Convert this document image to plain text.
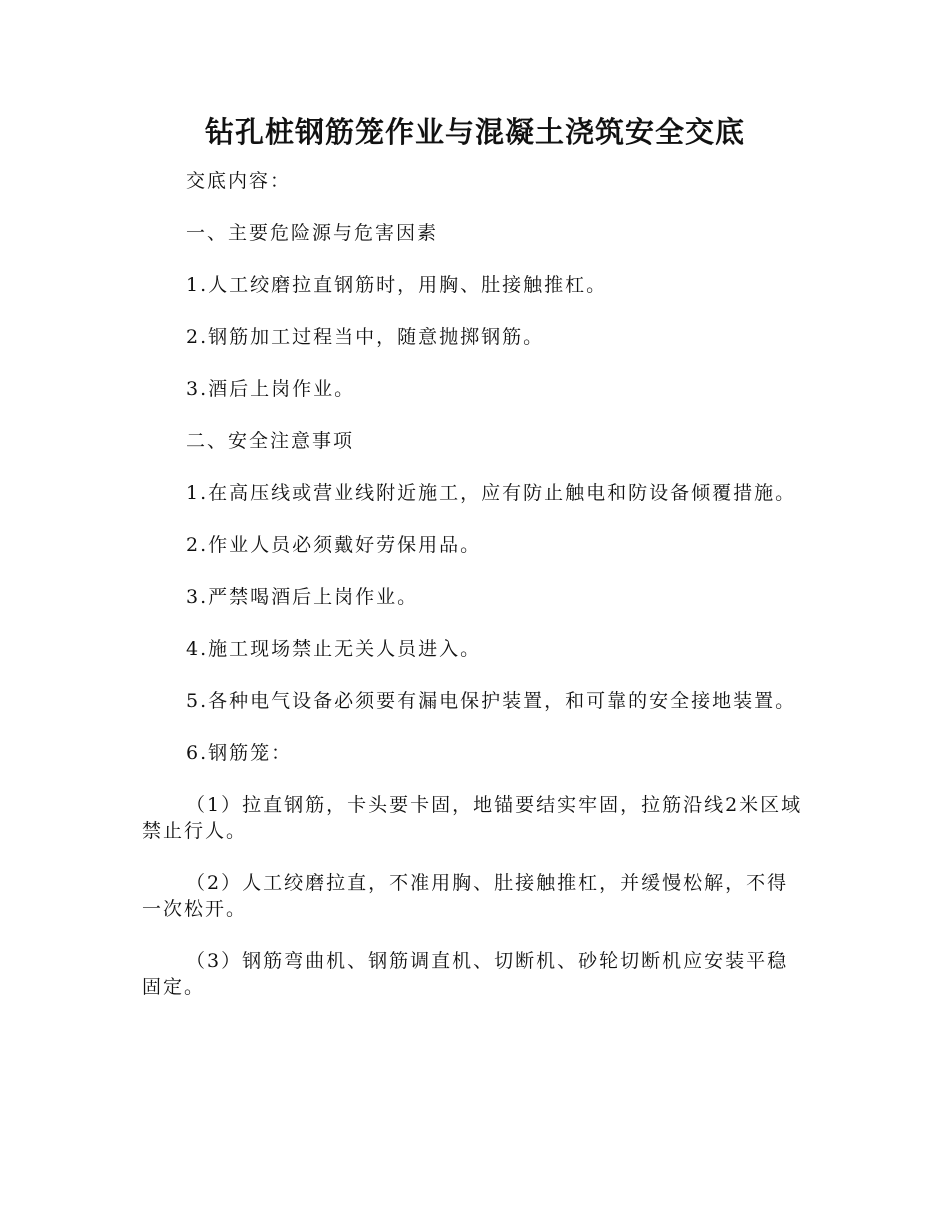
钻孔桩钢筋笼作业与混凝土浇筑安全交底

交底内容：

一、主要危险源与危害因素

1.人工绞磨拉直钢筋时，用胸、肚接触推杠。

2.钢筋加工过程当中，随意抛掷钢筋。

3.酒后上岗作业。

二、安全注意事项

1.在高压线或营业线附近施工，应有防止触电和防设备倾覆措施。

2.作业人员必须戴好劳保用品。

3.严禁喝酒后上岗作业。

4.施工现场禁止无关人员进入。

5.各种电气设备必须要有漏电保护装置，和可靠的安全接地装置。

6.钢筋笼：

（1）拉直钢筋，卡头要卡固，地锚要结实牢固，拉筋沿线2米区域禁止行人。

（2）人工绞磨拉直，不准用胸、肚接触推杠，并缓慢松解，不得一次松开。

（3）钢筋弯曲机、钢筋调直机、切断机、砂轮切断机应安装平稳固定。
